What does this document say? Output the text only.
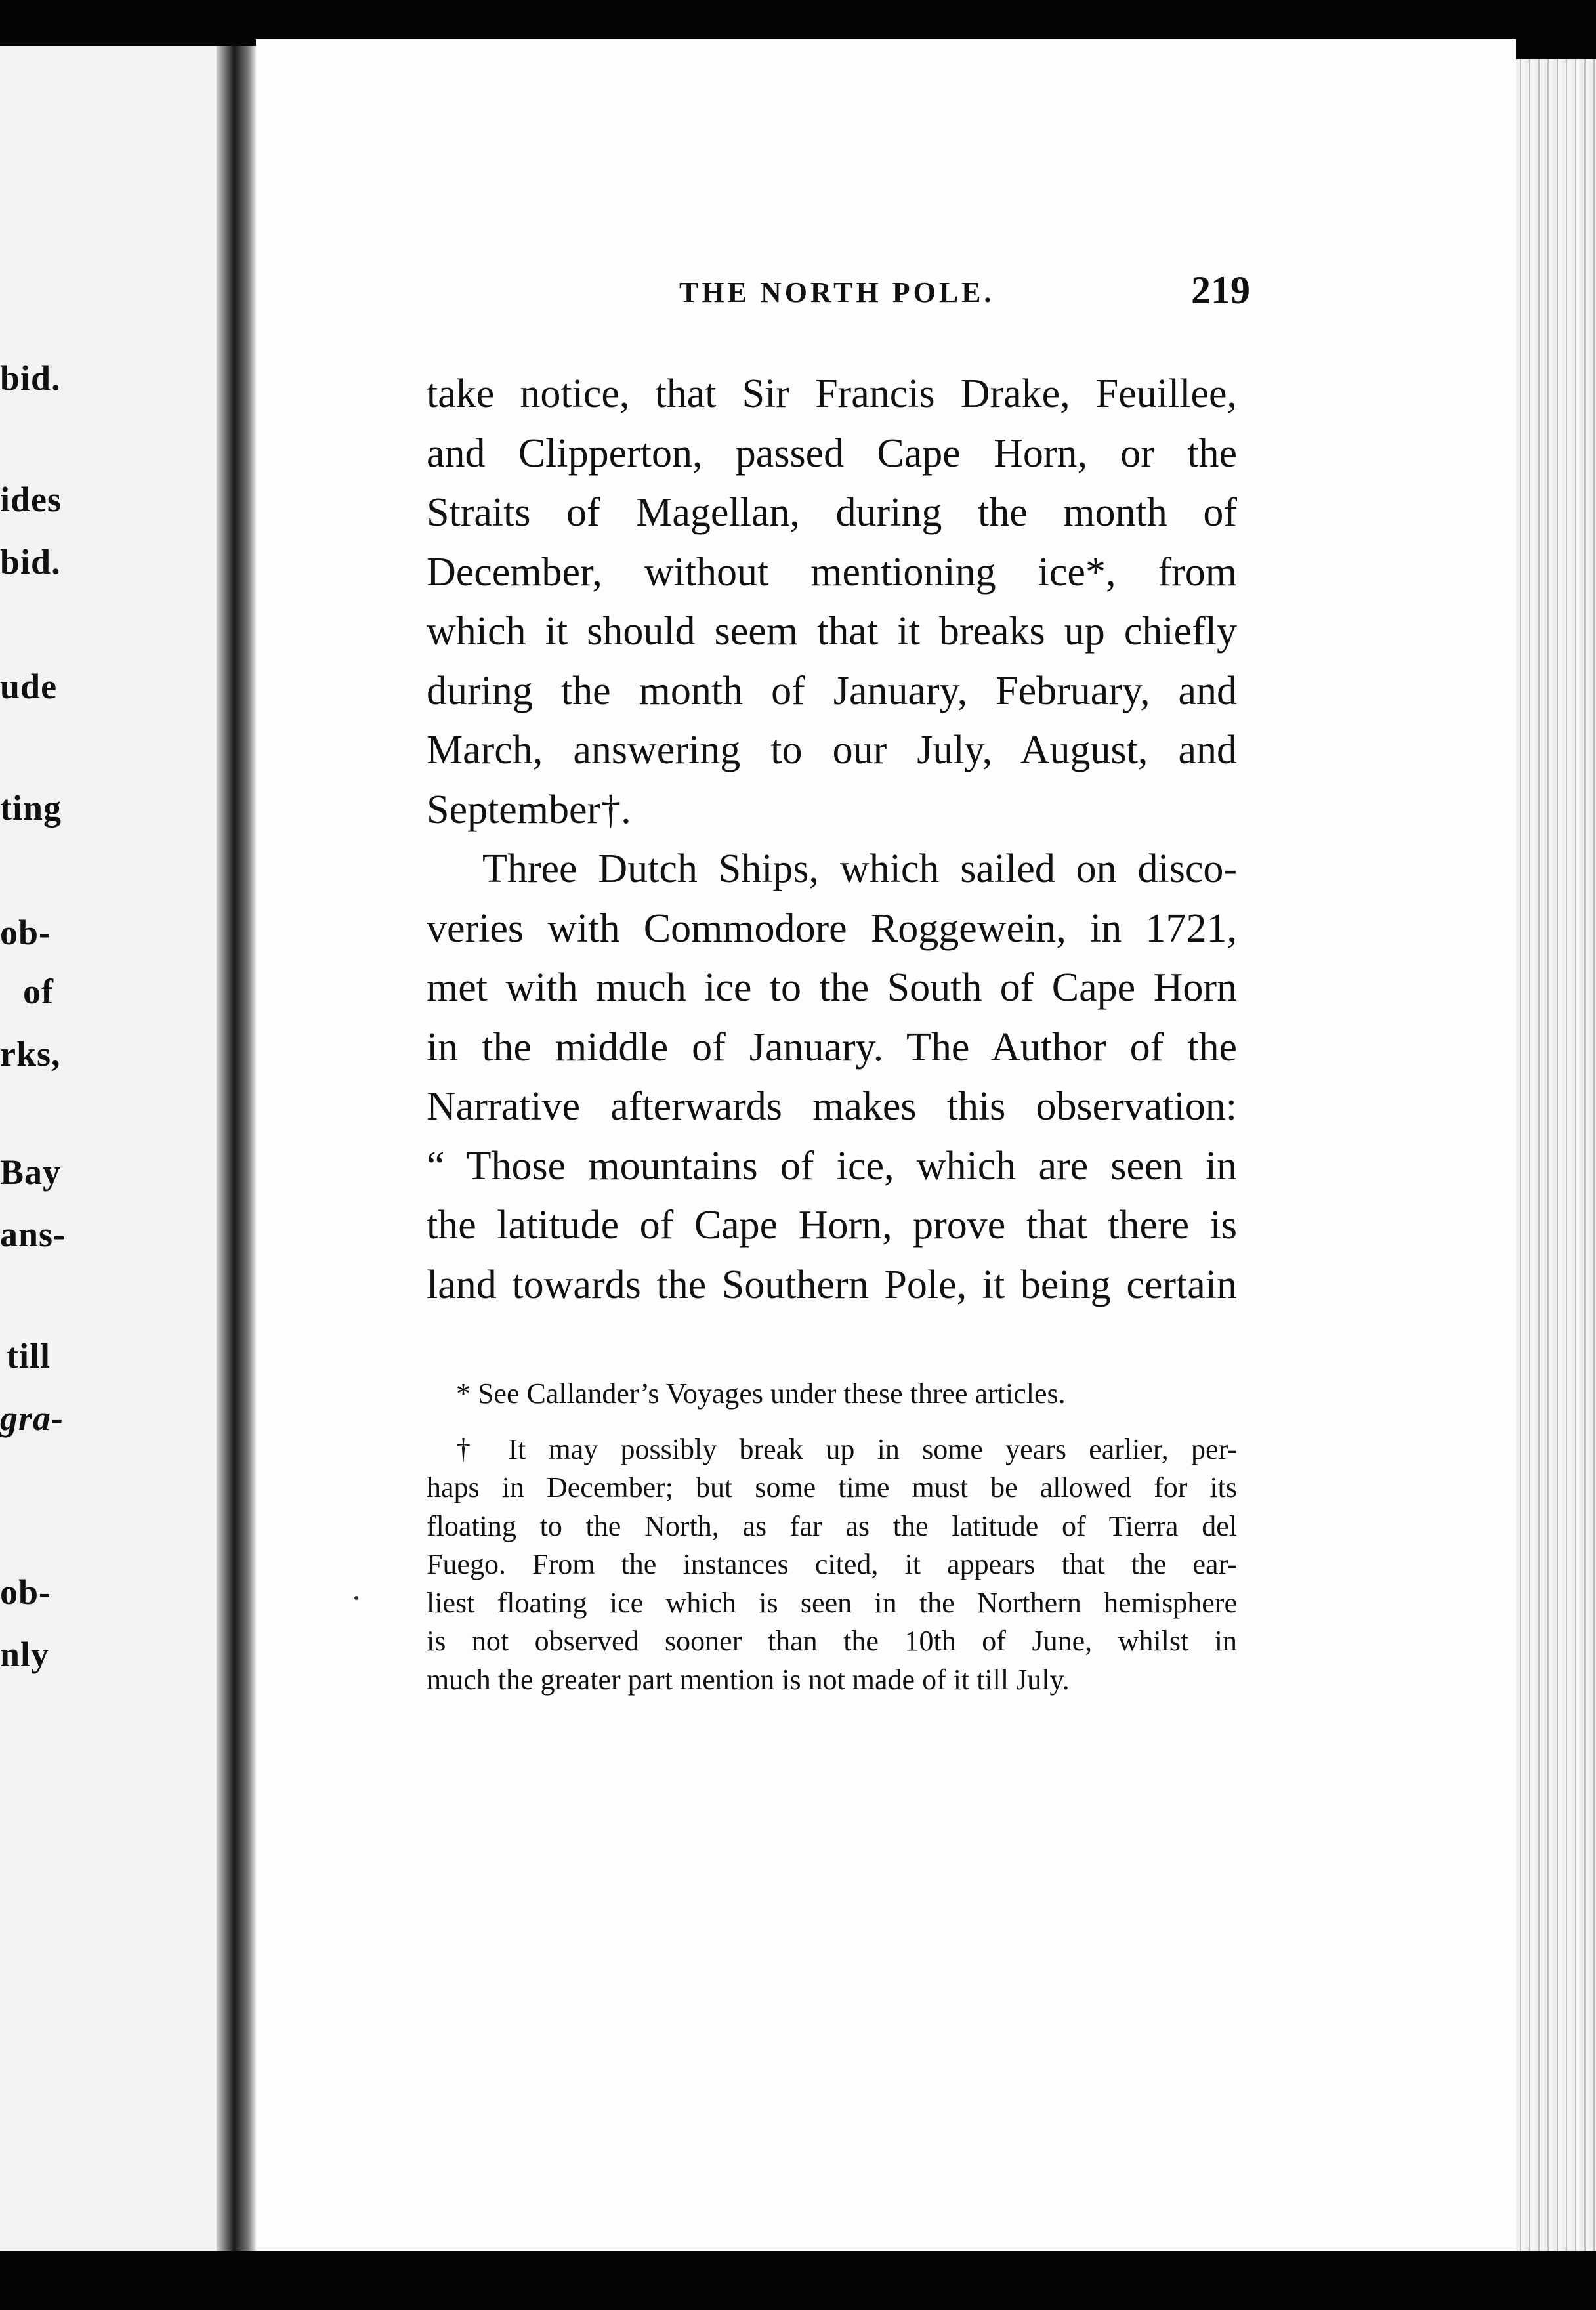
bid.

ides

bid.

ude

ting

ob-

of

rks,

Bay

ans-

till

gra-

ob-

nly

THE NORTH POLE.	219

take notice, that Sir Francis Drake, Feuillee,

and Clipperton, passed Cape Horn, or the

Straits of Magellan, during the month of

December, without mentioning ice*, from

which it should seem that it breaks up chiefly

during the month of January, February, and

March, answering to our July, August, and

September†.

Three Dutch Ships, which sailed on disco-

veries with Commodore Roggewein, in 1721,

met with much ice to the South of Cape Horn

in the middle of January. The Author of the

Narrative afterwards makes this observation:

“ Those mountains of ice, which are seen in

the latitude of Cape Horn, prove that there is

land towards the Southern Pole, it being certain

* See Callander’s Voyages under these three articles.

† It may possibly break up in some years earlier, per-

haps in December; but some time must be allowed for its

floating to the North, as far as the latitude of Tierra del

Fuego. From the instances cited, it appears that the ear-

liest floating ice which is seen in the Northern hemisphere

is not observed sooner than the 10th of June, whilst in

much the greater part mention is not made of it till July.
